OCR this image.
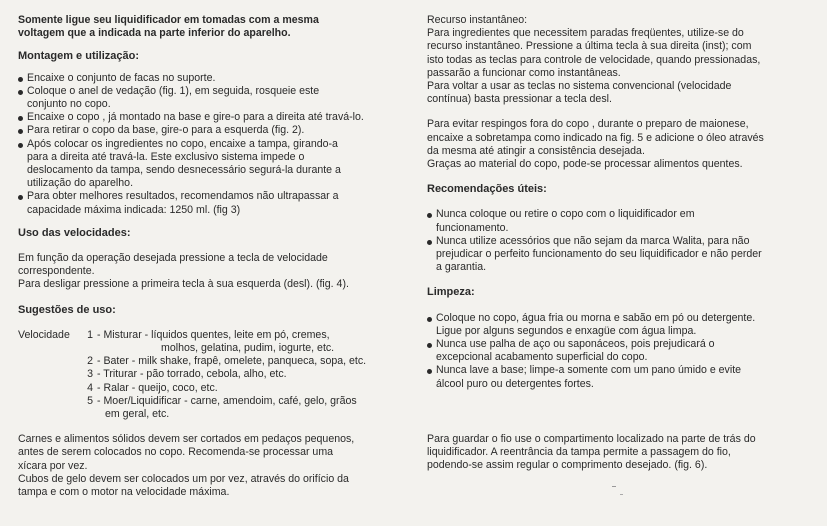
Somente ligue seu liquidificador em tomadas com a mesma

voltagem que a indicada na parte inferior do aparelho.

Montagem e utilização:

Encaixe o conjunto de facas no suporte.
Coloque o anel de vedação (fig. 1), em seguida, rosqueie este
conjunto no copo.
Encaixe o copo , já montado na base e gire-o para a direita até travá-lo.
Para retirar o copo da base, gire-o para a esquerda (fig. 2).
Após colocar os ingredientes no copo, encaixe a tampa, girando-a
para a direita até travá-la. Este exclusivo sistema impede o
deslocamento da tampa, sendo desnecessário segurá-la durante a
utilização do aparelho.
Para obter melhores resultados, recomendamos não ultrapassar a
capacidade máxima indicada: 1250 ml. (fig 3)

Uso das velocidades:

Em função da operação desejada pressione a tecla de velocidade

correspondente.

Para desligar pressione a primeira tecla à sua esquerda (desl). (fig. 4).

Sugestões de uso:

Velocidade	1 - Misturar - líquidos quentes, leite em pó, cremes,
molhos, gelatina, pudim, iogurte, etc.
2 - Bater - milk shake, frapê, omelete, panqueca, sopa, etc.
3 - Triturar - pão torrado, cebola, alho, etc.
4 - Ralar - queijo, coco, etc.
5 - Moer/Liquidificar - carne, amendoim, café, gelo, grãos
em geral, etc.

Carnes e alimentos sólidos devem ser cortados em pedaços pequenos,

antes de serem colocados no copo. Recomenda-se processar uma

xícara por vez.

Cubos de gelo devem ser colocados um por vez, através do orifício da

tampa e com o motor na velocidade máxima.

Recurso instantâneo:

Para ingredientes que necessitem paradas freqüentes, utilize-se do

recurso instantâneo. Pressione a última tecla à sua direita (inst); com

isto todas as teclas para controle de velocidade, quando pressionadas,

passarão a funcionar como instantâneas.

Para voltar a usar as teclas no sistema convencional (velocidade

contínua) basta pressionar a tecla desl.

Para evitar respingos fora do copo , durante o preparo de maionese,

encaixe a sobretampa como indicado na fig. 5 e adicione o óleo através

da mesma até atingir a consistência desejada.

Graças ao material do copo, pode-se processar alimentos quentes.

Recomendações úteis:

Nunca coloque ou retire o copo com o liquidificador em
funcionamento.
Nunca utilize acessórios que não sejam da marca Walita, para não
prejudicar o perfeito funcionamento do seu liquidificador e não perder
a garantia.

Limpeza:

Coloque no copo, água fria ou morna e sabão em pó ou detergente.
Ligue por alguns segundos e enxagüe com água limpa.
Nunca use palha de aço ou saponáceos, pois prejudicará o
excepcional acabamento superficial do copo.
Nunca lave a base; limpe-a somente com um pano úmido e evite
álcool puro ou detergentes fortes.

Para guardar o fio use o compartimento localizado na parte de trás do

liquidificador. A reentrância da tampa permite a passagem do fio,

podendo-se assim regular o comprimento desejado. (fig. 6).
